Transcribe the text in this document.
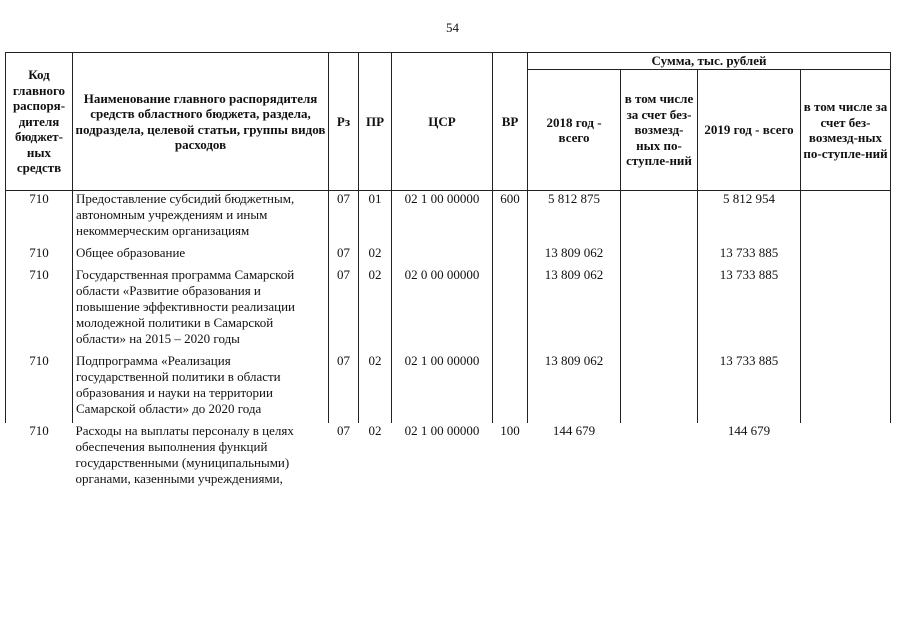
54
Код главного распоря-дителя бюджет-ных средств	Наименование главного распорядителя средств областного бюджета, раздела, подраздела, целевой статьи, группы видов расходов	Рз	ПР	ЦСР	ВР	Сумма, тыс. рублей			
						2018 год - всего	в том числе за счет без-возмезд-ных по-ступле-ний	2019 год - всего	в том числе за счет без-возмезд-ных по-ступле-ний
710	Предоставление субсидий бюджетным, автономным учреждениям и иным некоммерческим организациям	07	01	02 1 00 00000	600	5 812 875		5 812 954	
710	Общее образование	07	02			13 809 062		13 733 885	
710	Государственная программа Самарской области «Развитие образования и повышение эффективности реализации молодежной политики в Самарской области» на 2015 – 2020 годы	07	02	02 0 00 00000		13 809 062		13 733 885	
710	Подпрограмма «Реализация государственной политики в области образования и науки на территории Самарской области» до 2020 года	07	02	02 1 00 00000		13 809 062		13 733 885	
710	Расходы на выплаты персоналу в целях обеспечения выполнения функций государственными (муниципальными) органами, казенными учреждениями,	07	02	02 1 00 00000	100	144 679		144 679	
